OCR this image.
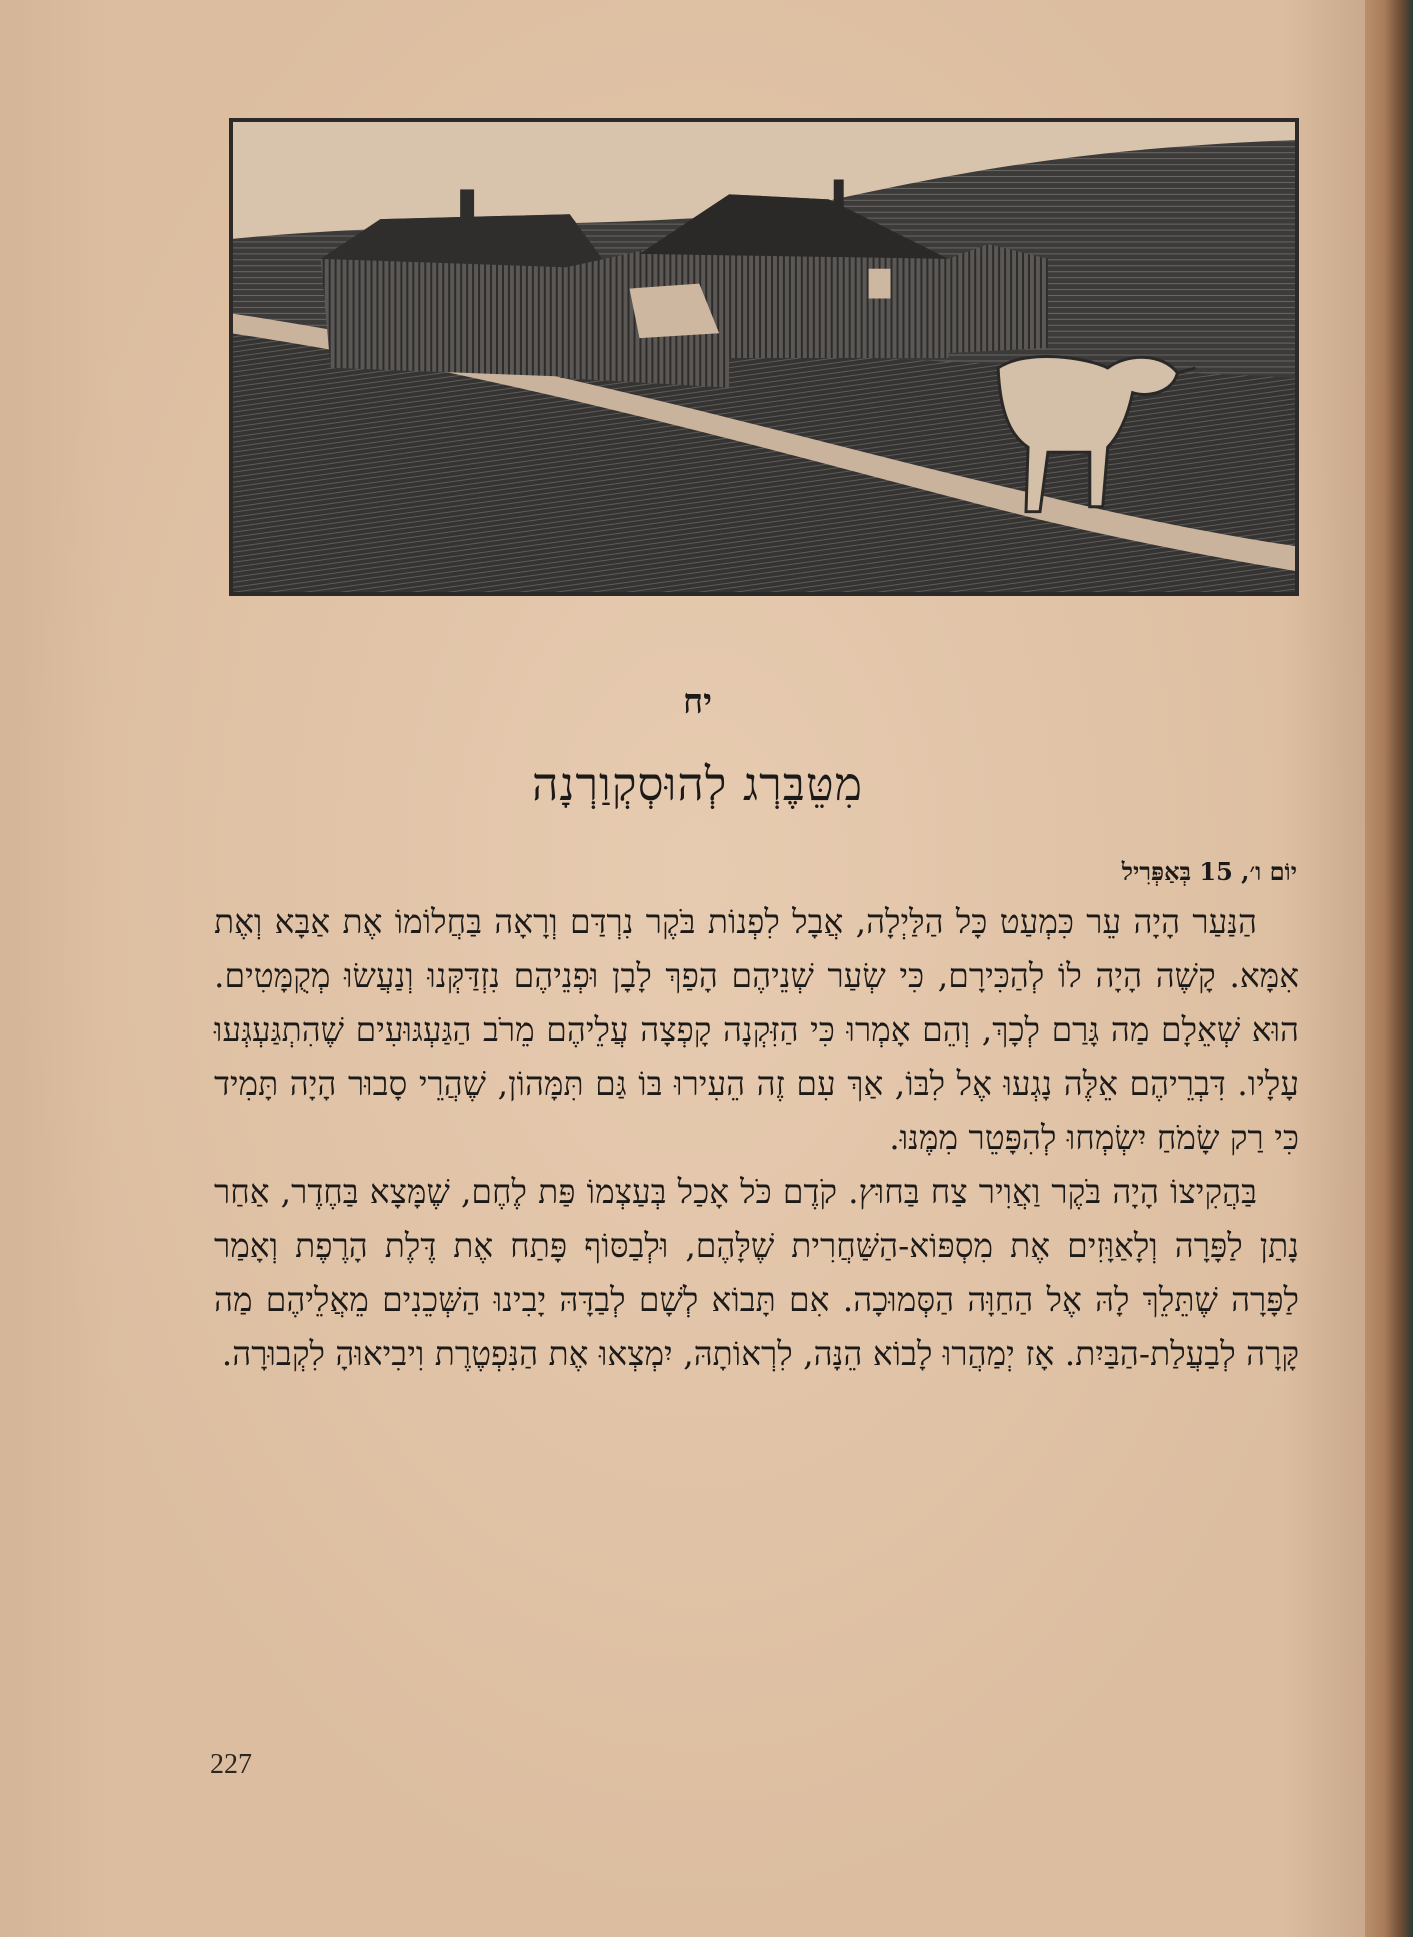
יח
מִטֵּבֶּרְג לְהוּסְקְוַרְנָה
יוֹם ו׳, 15 בְּאַפְּרִיל

הַנַּעַר הָיָה עֵר כִּמְעַט כָּל הַלַּיְלָה, אֲבָל לִפְנוֹת בֹּקֶר נִרְדַּם וְרָאָה בַּחֲלוֹמוֹ אֶת אַבָּא וְאֶת אִמָּא. קָשֶׁה הָיָה לוֹ לְהַכִּירָם, כִּי שְׂעַר שְׁנֵיהֶם הָפַךְ לָבָן וּפְנֵיהֶם נִזְדַּקְּנוּ וְנַעֲשׂוּ מְקֻמָּטִים. הוּא שְׁאֵלָם מַה גָּרַם לְכָךְ, וְהֵם אָמְרוּ כִּי הַזִּקְנָה קָפְצָה עֲלֵיהֶם מֵרֹב הַגַּעְגּוּעִים שֶׁהִתְגַּעְגְּעוּ עָלָיו. דִּבְרֵיהֶם אֵלֶּה נָגְעוּ אֶל לִבּוֹ, אַךְ עִם זֶה הֵעִירוּ בּוֹ גַּם תִּמָּהוֹן, שֶׁהֲרֵי סָבוּר הָיָה תָּמִיד כִּי רַק שָׂמֹחַ יִשְׂמְחוּ לְהִפָּטֵר מִמֶּנּוּ.

בַּהֲקִיצוֹ הָיָה בֹּקֶר וַאֲוִיר צַח בַּחוּץ. קֹדֶם כֹּל אָכַל בְּעַצְמוֹ פַּת לֶחֶם, שֶׁמָּצָא בַּחֶדֶר, אַחַר נָתַן לַפָּרָה וְלָאַוָּזִים אֶת מִסְפּוֹא-הַשַּׁחֲרִית שֶׁלָּהֶם, וּלְבַסּוֹף פָּתַח אֶת דֶּלֶת הָרֶפֶת וְאָמַר לַפָּרָה שֶׁתֵּלֵךְ לָהּ אֶל הַחַוָּה הַסְּמוּכָה. אִם תָּבוֹא לְשָׁם לְבַדָּהּ יָבִינוּ הַשְּׁכֵנִים מֵאֲלֵיהֶם מַה קָּרָה לְבַעֲלַת-הַבַּיִת. אָז יְמַהֲרוּ לָבוֹא הֵנָּה, לִרְאוֹתָהּ, יִמְצְאוּ אֶת הַנִּפְטֶרֶת וִיבִיאוּהָ לִקְבוּרָה.

227
